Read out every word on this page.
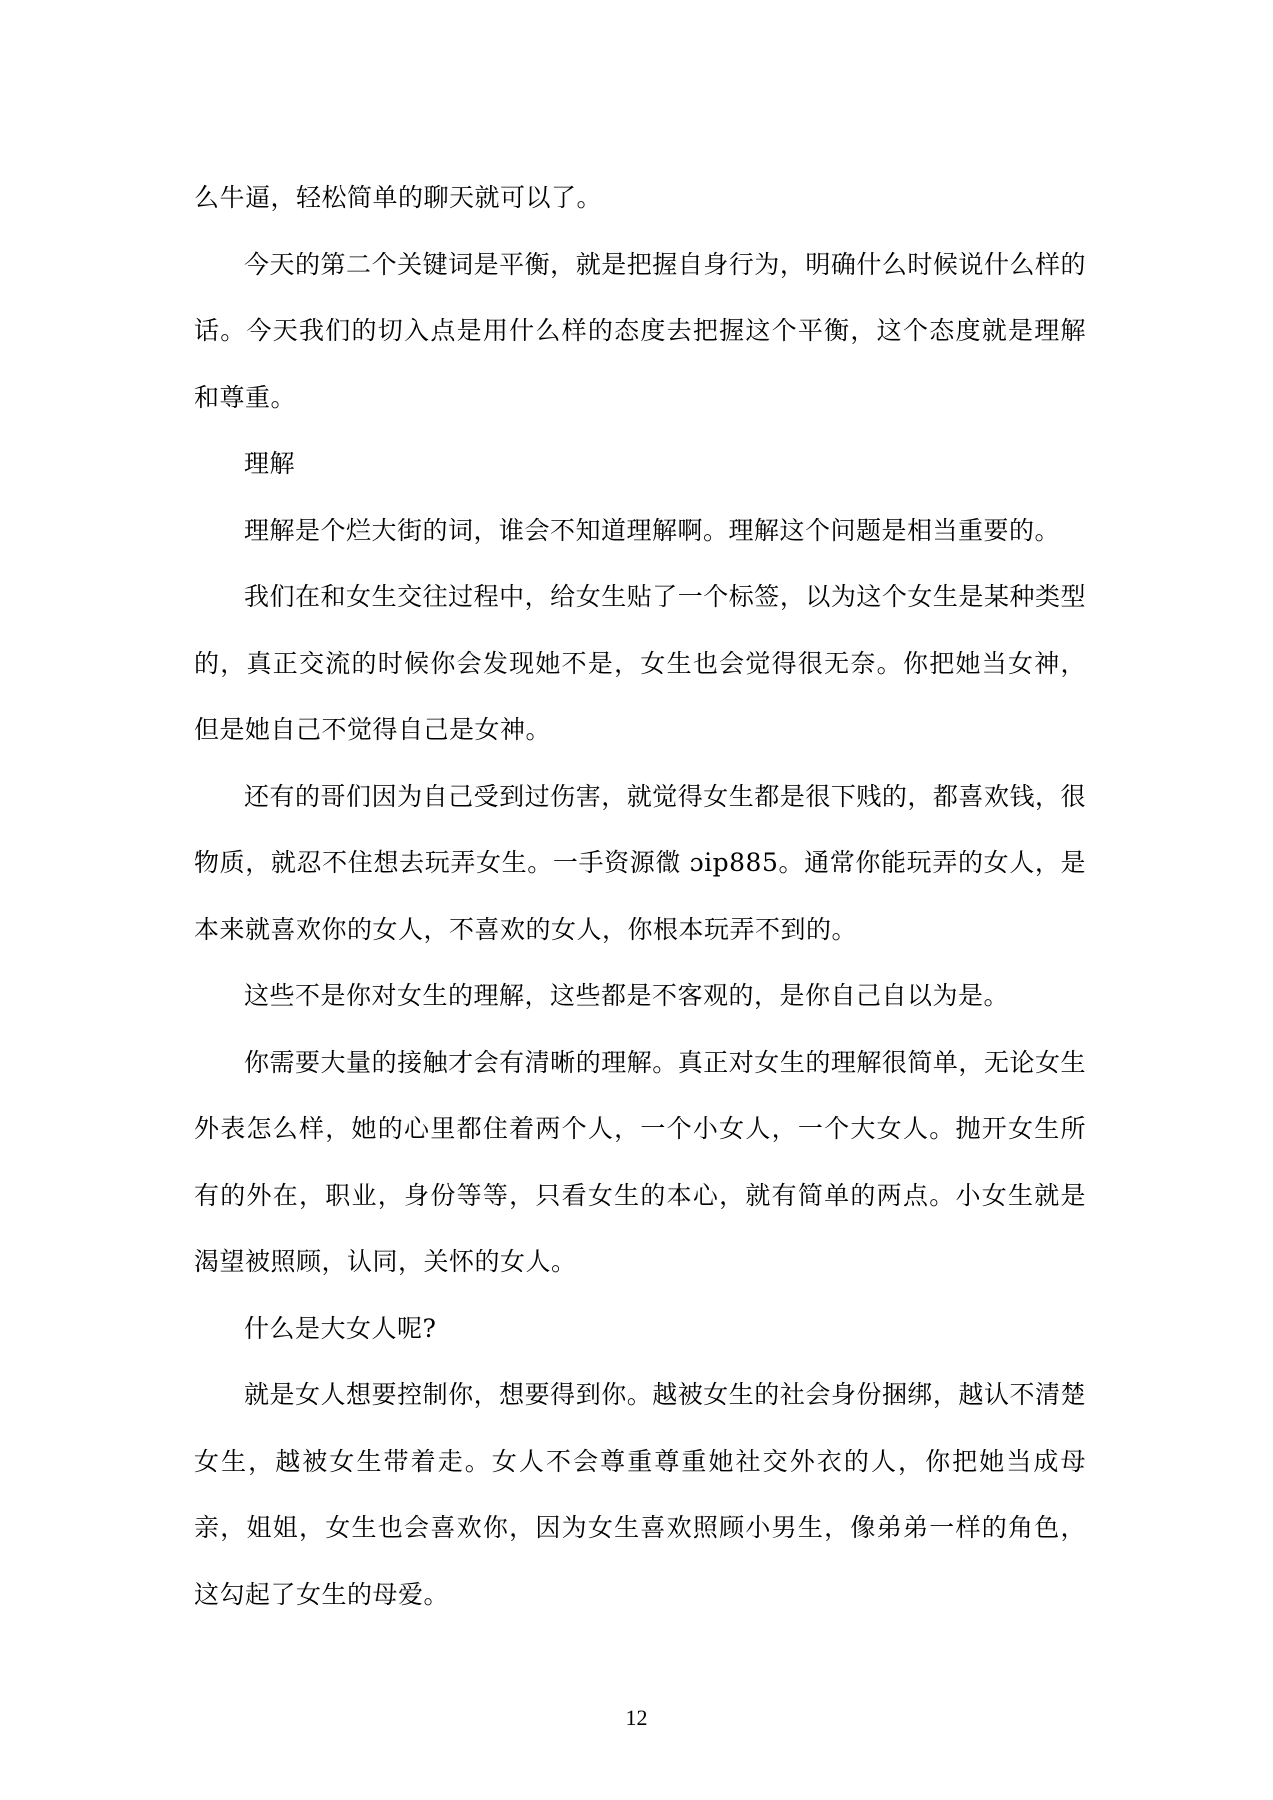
么牛逼，轻松简单的聊天就可以了。

今天的第二个关键词是平衡，就是把握自身行为，明确什么时候说什么样的话。今天我们的切入点是用什么样的态度去把握这个平衡，这个态度就是理解和尊重。

理解

理解是个烂大街的词，谁会不知道理解啊。理解这个问题是相当重要的。

我们在和女生交往过程中，给女生贴了一个标签，以为这个女生是某种类型的，真正交流的时候你会发现她不是，女生也会觉得很无奈。你把她当女神，但是她自己不觉得自己是女神。

还有的哥们因为自己受到过伤害，就觉得女生都是很下贱的，都喜欢钱，很物质，就忍不住想去玩弄女生。一手资源徾 ɔip885。通常你能玩弄的女人，是本来就喜欢你的女人，不喜欢的女人，你根本玩弄不到的。

这些不是你对女生的理解，这些都是不客观的，是你自己自以为是。

你需要大量的接触才会有清晰的理解。真正对女生的理解很简单，无论女生外表怎么样，她的心里都住着两个人，一个小女人，一个大女人。抛开女生所有的外在，职业，身份等等，只看女生的本心，就有简单的两点。小女生就是渴望被照顾，认同，关怀的女人。

什么是大女人呢?

就是女人想要控制你，想要得到你。越被女生的社会身份捆绑，越认不清楚女生，越被女生带着走。女人不会尊重尊重她社交外衣的人，你把她当成母亲，姐姐，女生也会喜欢你，因为女生喜欢照顾小男生，像弟弟一样的角色，这勾起了女生的母爱。

12
